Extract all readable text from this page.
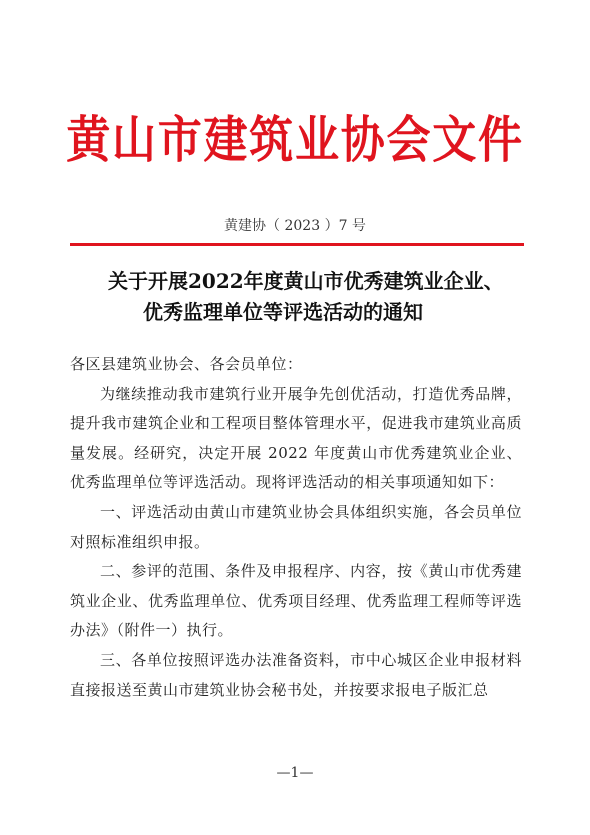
黄山市建筑业协会文件
黄建协（ 2023 ）7 号
关于开展2022年度黄山市优秀建筑业企业、
优秀监理单位等评选活动的通知

各区县建筑业协会、各会员单位：

为继续推动我市建筑行业开展争先创优活动，打造优秀品牌，提升我市建筑企业和工程项目整体管理水平，促进我市建筑业高质量发展。经研究，决定开展 2022 年度黄山市优秀建筑业企业、优秀监理单位等评选活动。现将评选活动的相关事项通知如下：

一、评选活动由黄山市建筑业协会具体组织实施，各会员单位对照标准组织申报。

二、参评的范围、条件及申报程序、内容，按《黄山市优秀建筑业企业、优秀监理单位、优秀项目经理、优秀监理工程师等评选办法》（附件一）执行。

三、各单位按照评选办法准备资料，市中心城区企业申报材料直接报送至黄山市建筑业协会秘书处，并按要求报电子版汇总

—1—
